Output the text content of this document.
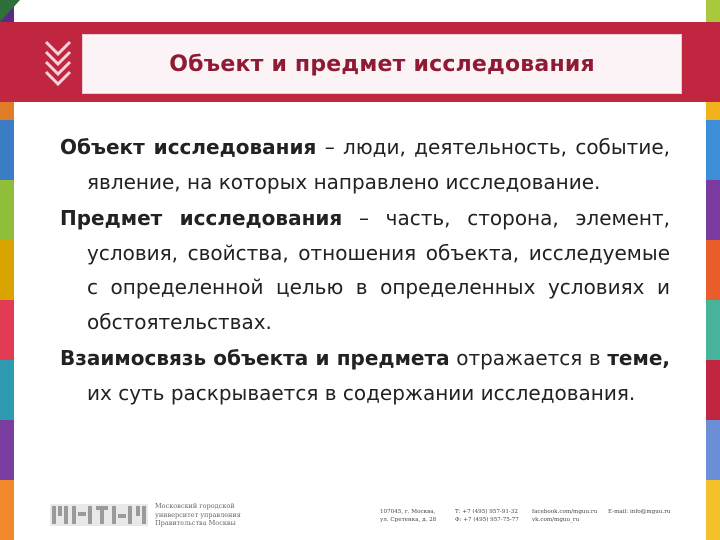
Объект и предмет исследования

Объект исследования – люди, деятельность, событие, явление, на которых направлено исследование.

Предмет исследования – часть, сторона, элемент, условия, свойства, отношения объекта, исследуемые с определенной целью в определенных условиях и обстоятельствах.

Взаимосвязь объекта и предмета отражается в теме, их суть раскрывается в содержании исследования.

Московский городской
университет управления
Правительства Москвы
107045, г. Москва,
ул. Сретенка, д. 28
Т: +7 (495) 957-91-32
Ф: +7 (495) 957-75-77
facebook.com/mguu.ru
vk.com/mguu_ru
E-mail: info@mguu.ru
